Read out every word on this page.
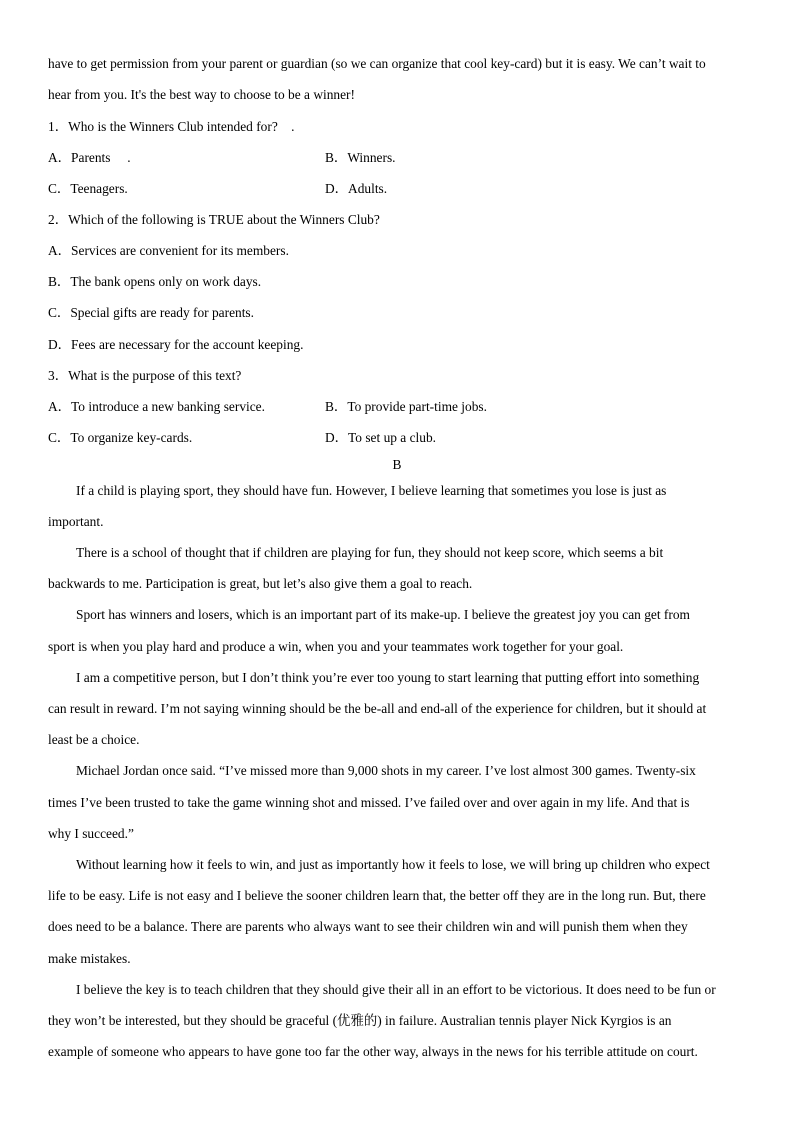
have to get permission from your parent or guardian (so we can organize that cool key-card) but it is easy. We can’t wait to

hear from you. It's the best way to choose to be a winner!

1．Who is the Winners Club intended for?　.

A．Parents　 .	B．Winners.

C．Teenagers.	D．Adults.

2．Which of the following is TRUE about the Winners Club?

A．Services are convenient for its members.

B．The bank opens only on work days.

C．Special gifts are ready for parents.

D．Fees are necessary for the account keeping.

3．What is the purpose of this text?

A．To introduce a new banking service.	B．To provide part-time jobs.

C．To organize key-cards.	D．To set up a club.

B

If a child is playing sport, they should have fun. However, I believe learning that sometimes you lose is just as

important.

There is a school of thought that if children are playing for fun, they should not keep score, which seems a bit

backwards to me. Participation is great, but let’s also give them a goal to reach.

Sport has winners and losers, which is an important part of its make-up. I believe the greatest joy you can get from

sport is when you play hard and produce a win, when you and your teammates work together for your goal.

I am a competitive person, but I don’t think you’re ever too young to start learning that putting effort into something

can result in reward. I’m not saying winning should be the be-all and end-all of the experience for children, but it should at

least be a choice.

Michael Jordan once said. “I’ve missed more than 9,000 shots in my career. I’ve lost almost 300 games. Twenty-six

times I’ve been trusted to take the game winning shot and missed. I’ve failed over and over again in my life. And that is

why I succeed.”

Without learning how it feels to win, and just as importantly how it feels to lose, we will bring up children who expect

life to be easy. Life is not easy and I believe the sooner children learn that, the better off they are in the long run. But, there

does need to be a balance. There are parents who always want to see their children win and will punish them when they

make mistakes.

I believe the key is to teach children that they should give their all in an effort to be victorious. It does need to be fun or

they won’t be interested, but they should be graceful (优雅的) in failure. Australian tennis player Nick Kyrgios is an

example of someone who appears to have gone too far the other way, always in the news for his terrible attitude on court.
